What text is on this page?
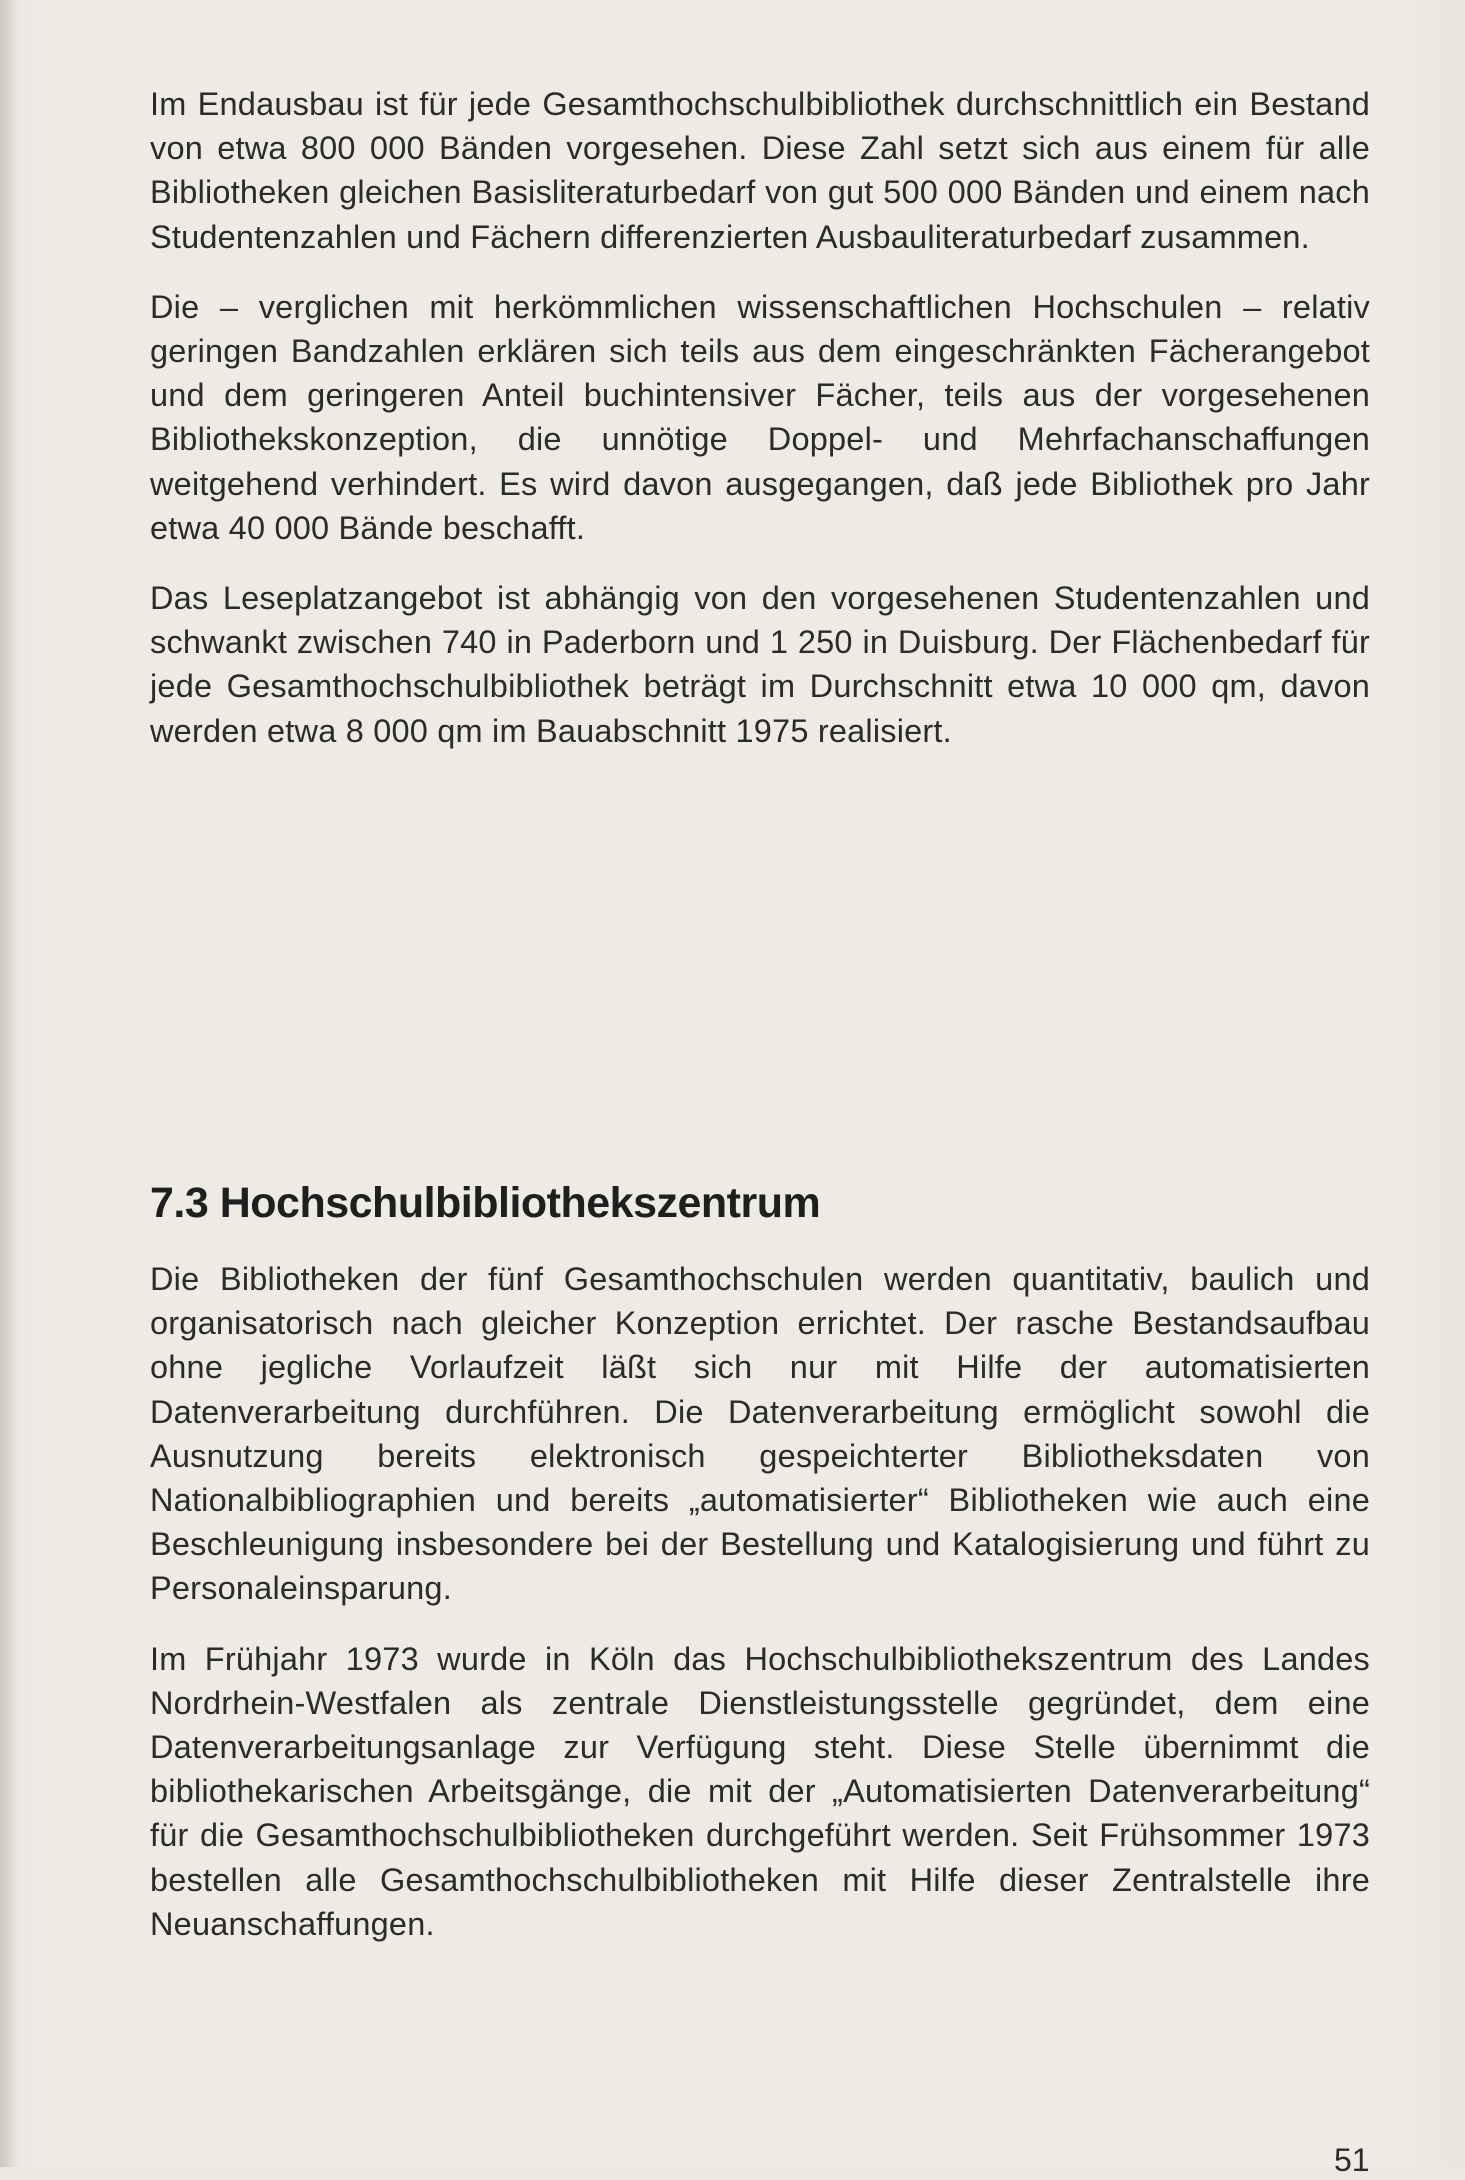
Im Endausbau ist für jede Gesamthochschulbibliothek durchschnittlich ein Bestand von etwa 800 000 Bänden vorgesehen. Diese Zahl setzt sich aus einem für alle Bibliotheken gleichen Basisliteraturbedarf von gut 500 000 Bänden und einem nach Studentenzahlen und Fächern differenzierten Ausbauliteraturbedarf zusammen.

Die – verglichen mit herkömmlichen wissenschaftlichen Hochschulen – relativ geringen Bandzahlen erklären sich teils aus dem eingeschränkten Fächerangebot und dem geringeren Anteil buchintensiver Fächer, teils aus der vorgesehenen Bibliothekskonzeption, die unnötige Doppel- und Mehrfachanschaffungen weitgehend verhindert. Es wird davon ausgegangen, daß jede Bibliothek pro Jahr etwa 40 000 Bände beschafft.

Das Leseplatzangebot ist abhängig von den vorgesehenen Studentenzahlen und schwankt zwischen 740 in Paderborn und 1 250 in Duisburg. Der Flächenbedarf für jede Gesamthochschulbibliothek beträgt im Durchschnitt etwa 10 000 qm, davon werden etwa 8 000 qm im Bauabschnitt 1975 realisiert.

7.3 Hochschulbibliothekszentrum

Die Bibliotheken der fünf Gesamthochschulen werden quantitativ, baulich und organisatorisch nach gleicher Konzeption errichtet. Der rasche Bestandsaufbau ohne jegliche Vorlaufzeit läßt sich nur mit Hilfe der automatisierten Datenverarbeitung durchführen. Die Datenverarbeitung ermöglicht sowohl die Ausnutzung bereits elektronisch gespeichterter Bibliotheksdaten von Nationalbibliographien und bereits „automatisierter“ Bibliotheken wie auch eine Beschleunigung insbesondere bei der Bestellung und Katalogisierung und führt zu Personaleinsparung.

Im Frühjahr 1973 wurde in Köln das Hochschulbibliothekszentrum des Landes Nordrhein-Westfalen als zentrale Dienstleistungsstelle gegründet, dem eine Datenverarbeitungsanlage zur Verfügung steht. Diese Stelle übernimmt die bibliothekarischen Arbeitsgänge, die mit der „Automatisierten Datenverarbeitung“ für die Gesamthochschulbibliotheken durchgeführt werden. Seit Frühsommer 1973 bestellen alle Gesamthochschulbibliotheken mit Hilfe dieser Zentralstelle ihre Neuanschaffungen.

51
